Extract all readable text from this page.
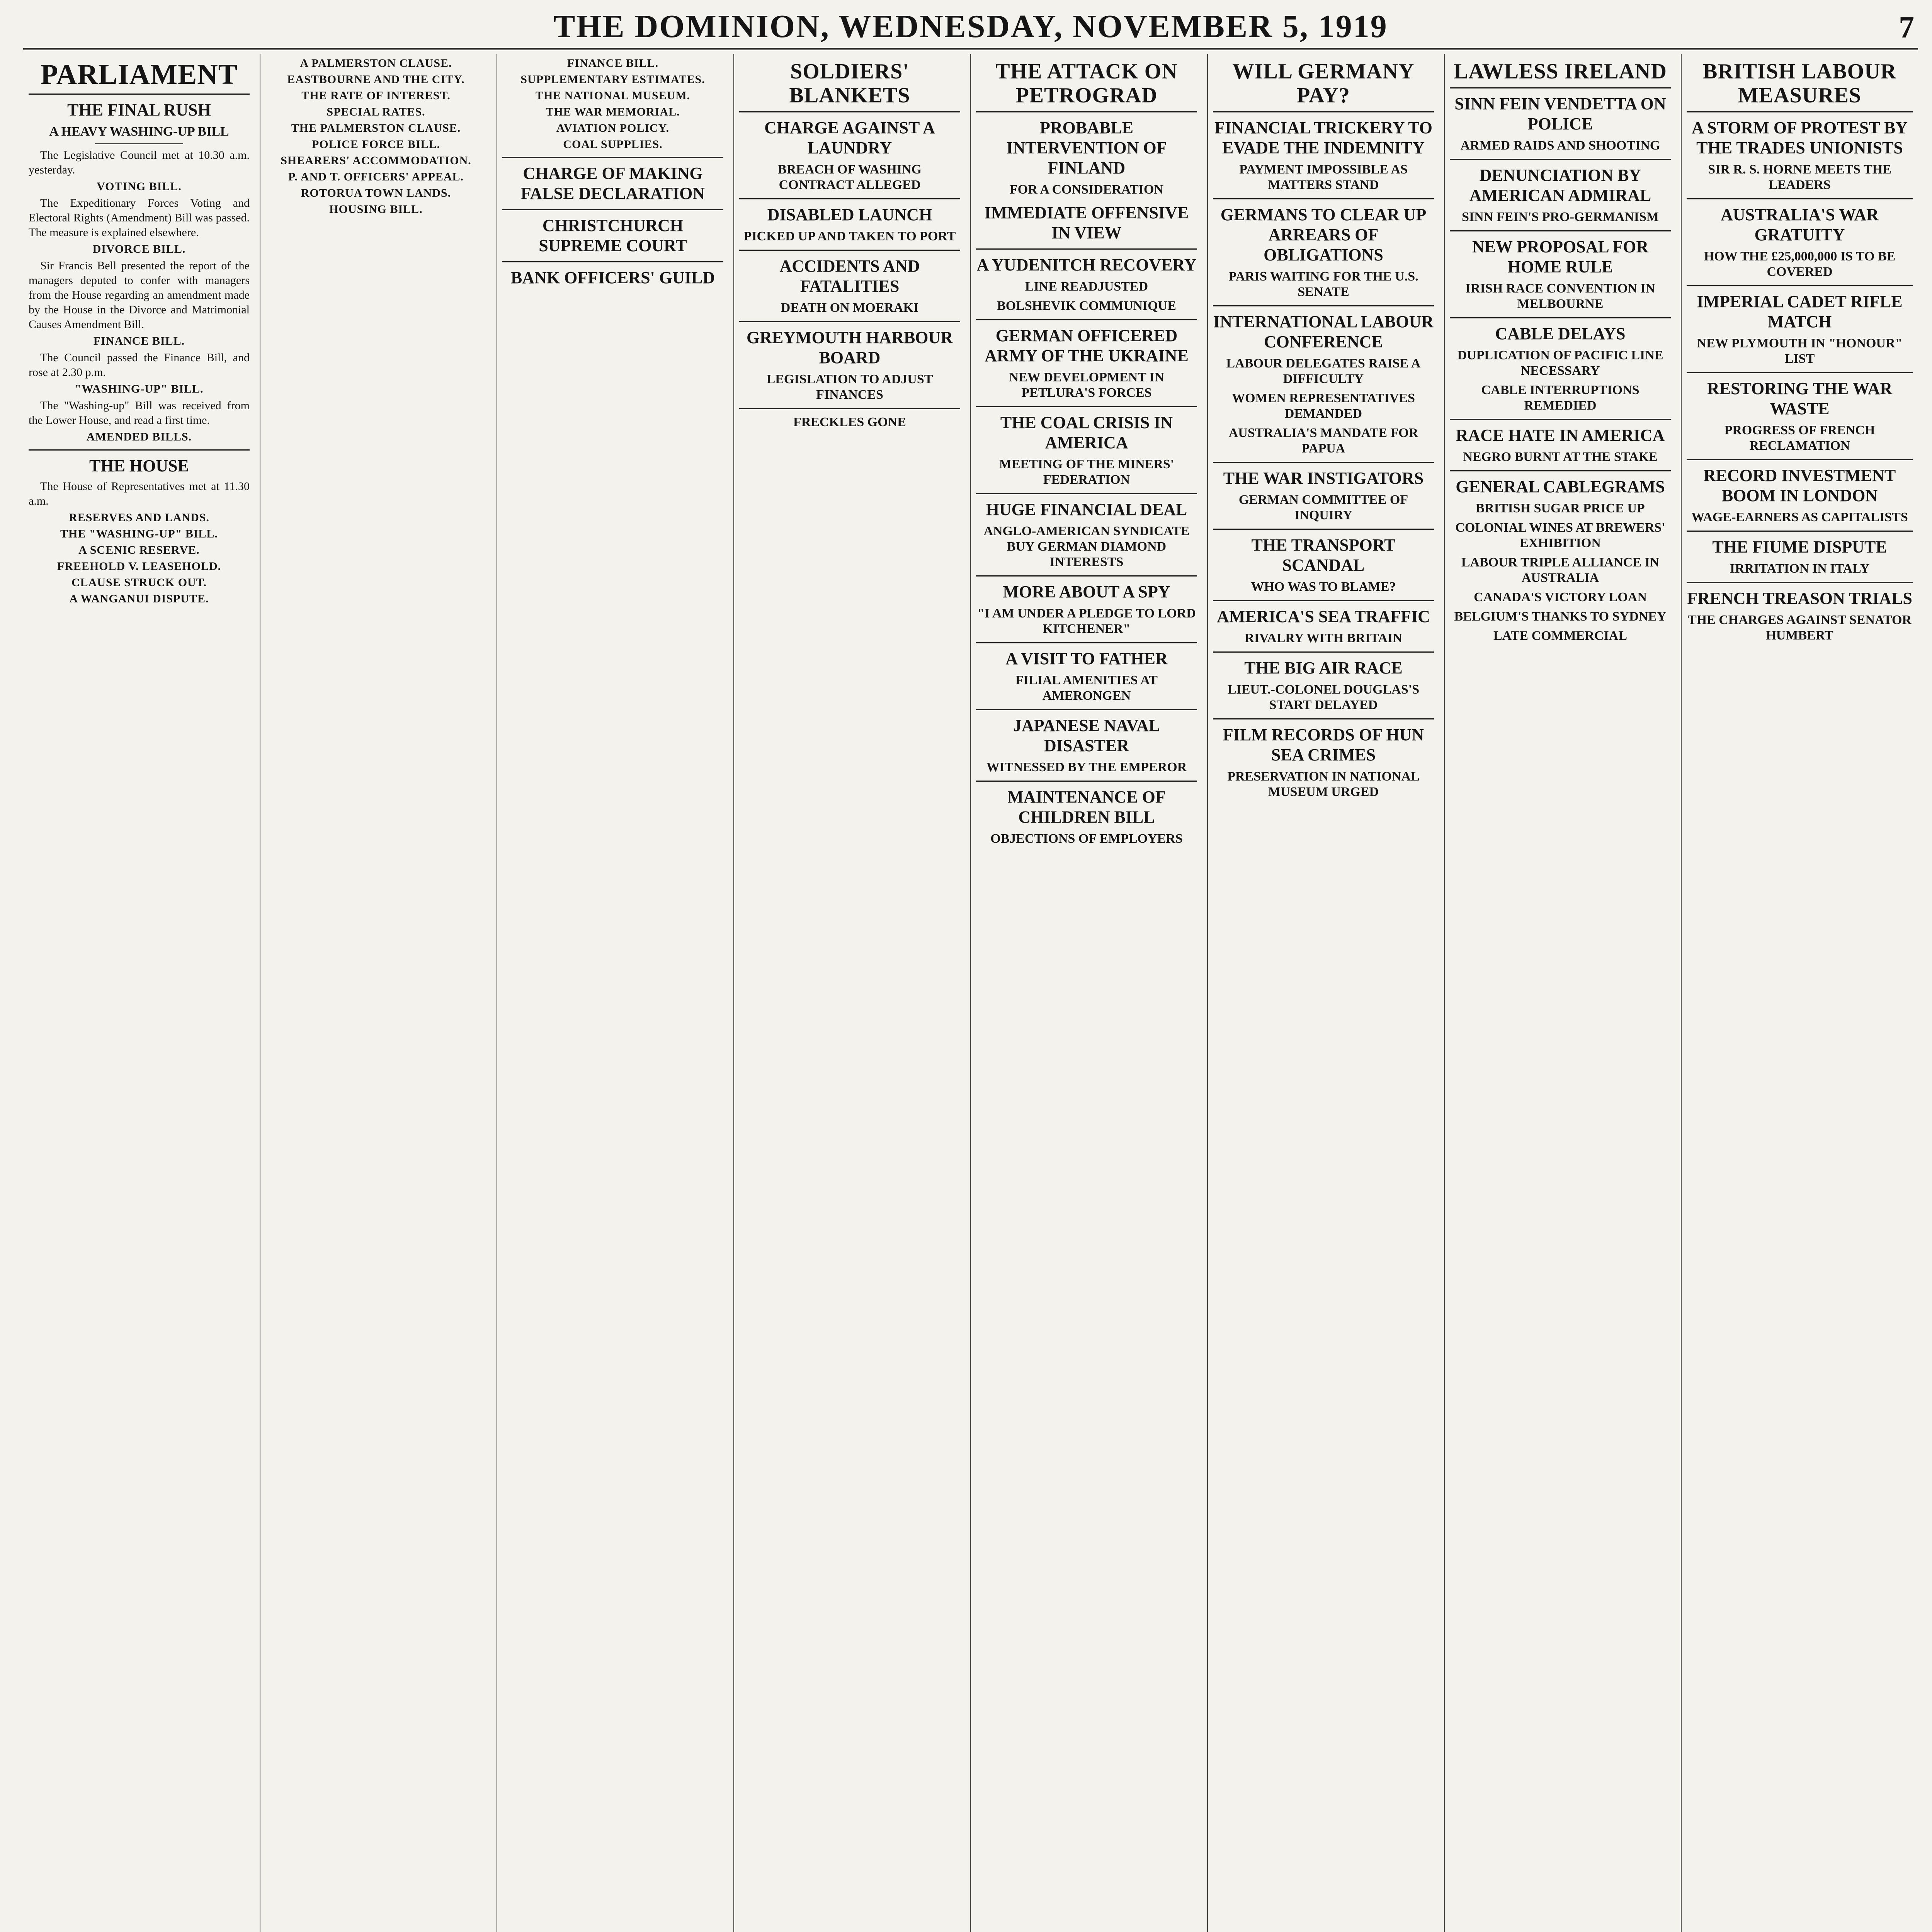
THE DOMINION, WEDNESDAY, NOVEMBER 5, 1919	7
PARLIAMENT
THE FINAL RUSH
A HEAVY WASHING-UP BILL

The Legislative Council met at 10.30 a.m. yesterday.

VOTING BILL.

The Expeditionary Forces Voting and Electoral Rights (Amendment) Bill was passed. The measure is explained elsewhere.

DIVORCE BILL.

Sir Francis Bell presented the report of the managers deputed to confer with managers from the House regarding an amendment made by the House in the Divorce and Matrimonial Causes Amendment Bill.

FINANCE BILL.

The Council passed the Finance Bill, and rose at 2.30 p.m.

"WASHING-UP" BILL.

The "Washing-up" Bill was received from the Lower House, and read a first time.

AMENDED BILLS.
THE HOUSE

The House of Representatives met at 11.30 a.m.

RESERVES AND LANDS.
THE "WASHING-UP" BILL.
A SCENIC RESERVE.
FREEHOLD V. LEASEHOLD.
CLAUSE STRUCK OUT.
A WANGANUI DISPUTE.
A PALMERSTON CLAUSE.
EASTBOURNE AND THE CITY.
THE RATE OF INTEREST.
SPECIAL RATES.
THE PALMERSTON CLAUSE.
POLICE FORCE BILL.
SHEARERS' ACCOMMODATION.
P. AND T. OFFICERS' APPEAL.
ROTORUA TOWN LANDS.
HOUSING BILL.
FINANCE BILL.
SUPPLEMENTARY ESTIMATES.
THE NATIONAL MUSEUM.
THE WAR MEMORIAL.
AVIATION POLICY.
COAL SUPPLIES.
CHARGE OF MAKING FALSE DECLARATION
CHRISTCHURCH SUPREME COURT
BANK OFFICERS' GUILD
SOLDIERS' BLANKETS
CHARGE AGAINST A LAUNDRY
BREACH OF WASHING CONTRACT ALLEGED
DISABLED LAUNCH
PICKED UP AND TAKEN TO PORT
ACCIDENTS AND FATALITIES
DEATH ON MOERAKI
GREYMOUTH HARBOUR BOARD
LEGISLATION TO ADJUST FINANCES
FRECKLES GONE
THE ATTACK ON PETROGRAD
PROBABLE INTERVENTION OF FINLAND
FOR A CONSIDERATION
IMMEDIATE OFFENSIVE IN VIEW
A YUDENITCH RECOVERY
LINE READJUSTED
BOLSHEVIK COMMUNIQUE
GERMAN OFFICERED ARMY OF THE UKRAINE
NEW DEVELOPMENT IN PETLURA'S FORCES
THE COAL CRISIS IN AMERICA
MEETING OF THE MINERS' FEDERATION
HUGE FINANCIAL DEAL
ANGLO-AMERICAN SYNDICATE BUY GERMAN DIAMOND INTERESTS
MORE ABOUT A SPY
"I AM UNDER A PLEDGE TO LORD KITCHENER"
A VISIT TO FATHER
FILIAL AMENITIES AT AMERONGEN
JAPANESE NAVAL DISASTER
WITNESSED BY THE EMPEROR
MAINTENANCE OF CHILDREN BILL
OBJECTIONS OF EMPLOYERS
WILL GERMANY PAY?
FINANCIAL TRICKERY TO EVADE THE INDEMNITY
PAYMENT IMPOSSIBLE AS MATTERS STAND
GERMANS TO CLEAR UP ARREARS OF OBLIGATIONS
PARIS WAITING FOR THE U.S. SENATE
INTERNATIONAL LABOUR CONFERENCE
LABOUR DELEGATES RAISE A DIFFICULTY
WOMEN REPRESENTATIVES DEMANDED
AUSTRALIA'S MANDATE FOR PAPUA
THE WAR INSTIGATORS
GERMAN COMMITTEE OF INQUIRY
THE TRANSPORT SCANDAL
WHO WAS TO BLAME?
AMERICA'S SEA TRAFFIC
RIVALRY WITH BRITAIN
THE BIG AIR RACE
LIEUT.-COLONEL DOUGLAS'S START DELAYED
FILM RECORDS OF HUN SEA CRIMES
PRESERVATION IN NATIONAL MUSEUM URGED
LAWLESS IRELAND
SINN FEIN VENDETTA ON POLICE
ARMED RAIDS AND SHOOTING
DENUNCIATION BY AMERICAN ADMIRAL
SINN FEIN'S PRO-GERMANISM
NEW PROPOSAL FOR HOME RULE
IRISH RACE CONVENTION IN MELBOURNE
CABLE DELAYS
DUPLICATION OF PACIFIC LINE NECESSARY
CABLE INTERRUPTIONS REMEDIED
RACE HATE IN AMERICA
NEGRO BURNT AT THE STAKE
GENERAL CABLEGRAMS
BRITISH SUGAR PRICE UP
COLONIAL WINES AT BREWERS' EXHIBITION
LABOUR TRIPLE ALLIANCE IN AUSTRALIA
CANADA'S VICTORY LOAN
BELGIUM'S THANKS TO SYDNEY
LATE COMMERCIAL
BRITISH LABOUR MEASURES
A STORM OF PROTEST BY THE TRADES UNIONISTS
SIR R. S. HORNE MEETS THE LEADERS
AUSTRALIA'S WAR GRATUITY
HOW THE £25,000,000 IS TO BE COVERED
IMPERIAL CADET RIFLE MATCH
NEW PLYMOUTH IN "HONOUR" LIST
RESTORING THE WAR WASTE
PROGRESS OF FRENCH RECLAMATION
RECORD INVESTMENT BOOM IN LONDON
WAGE-EARNERS AS CAPITALISTS
THE FIUME DISPUTE
IRRITATION IN ITALY
FRENCH TREASON TRIALS
THE CHARGES AGAINST SENATOR HUMBERT
